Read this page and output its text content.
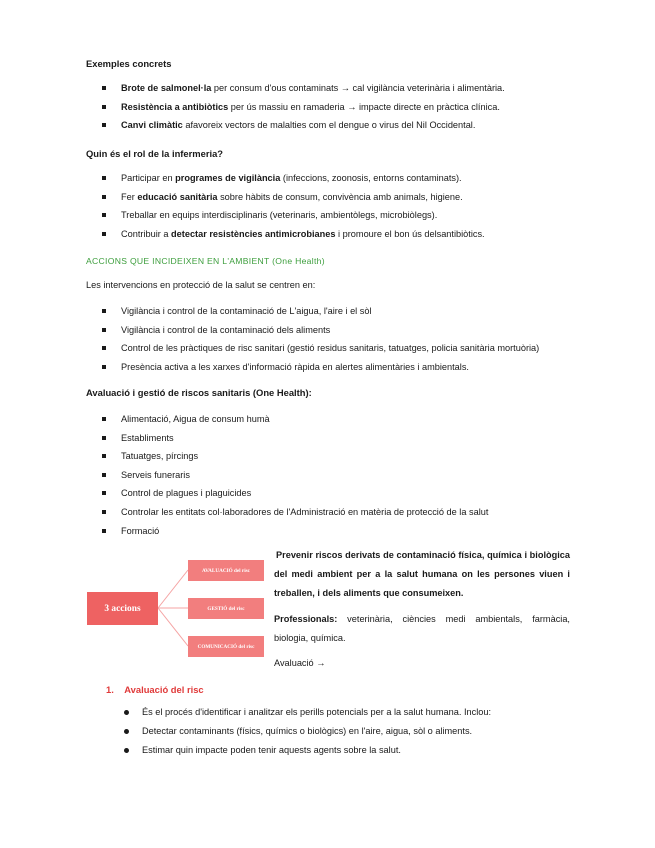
Exemples concrets
Brote de salmonel·la per consum d'ous contaminats → cal vigilància veterinària i alimentària.
Resistència a antibiòtics per ús massiu en ramaderia → impacte directe en pràctica clínica.
Canvi climàtic afavoreix vectors de malalties com el dengue o virus del Nil Occidental.
Quin és el rol de la infermeria?
Participar en programes de vigilància (infeccions, zoonosis, entorns contaminats).
Fer educació sanitària sobre hàbits de consum, convivència amb animals, higiene.
Treballar en equips interdisciplinaris (veterinaris, ambientòlegs, microbiòlegs).
Contribuir a detectar resistències antimicrobianes i promoure el bon ús delsantibiòtics.
ACCIONS QUE INCIDEIXEN EN L'AMBIENT (One Health)
Les intervencions en protecció de la salut se centren en:
Vigilància i control de la contaminació de L'aigua, l'aire i el sòl
Vigilància i control de la contaminació dels aliments
Control de les pràctiques de risc sanitari (gestió residus sanitaris, tatuatges, policia sanitària mortuòria)
Presència activa a les xarxes d'informació ràpida en alertes alimentàries i ambientals.
Avaluació i gestió de riscos sanitaris (One Health):
Alimentació, Aigua de consum humà
Establiments
Tatuatges, pírcings
Serveis funeraris
Control de plagues i plaguicides
Controlar les entitats col·laboradores de l'Administració en matèria de protecció de la salut
Formació
3 accions
AVALUACIÓ del risc
GESTIÓ del risc
COMUNICACIÓ del risc
Prevenir riscos derivats de contaminació física, química i biològica del medi ambient per a la salut humana on les persones viuen i treballen, i dels aliments que consumeixen.
Professionals: veterinària, ciències medi ambientals, farmàcia, biologia, química.
Avaluació →
1. Avaluació del risc
És el procés d'identificar i analitzar els perills potencials per a la salut humana. Inclou:
Detectar contaminants (físics, químics o biològics) en l'aire, aigua, sòl o aliments.
Estimar quin impacte poden tenir aquests agents sobre la salut.
